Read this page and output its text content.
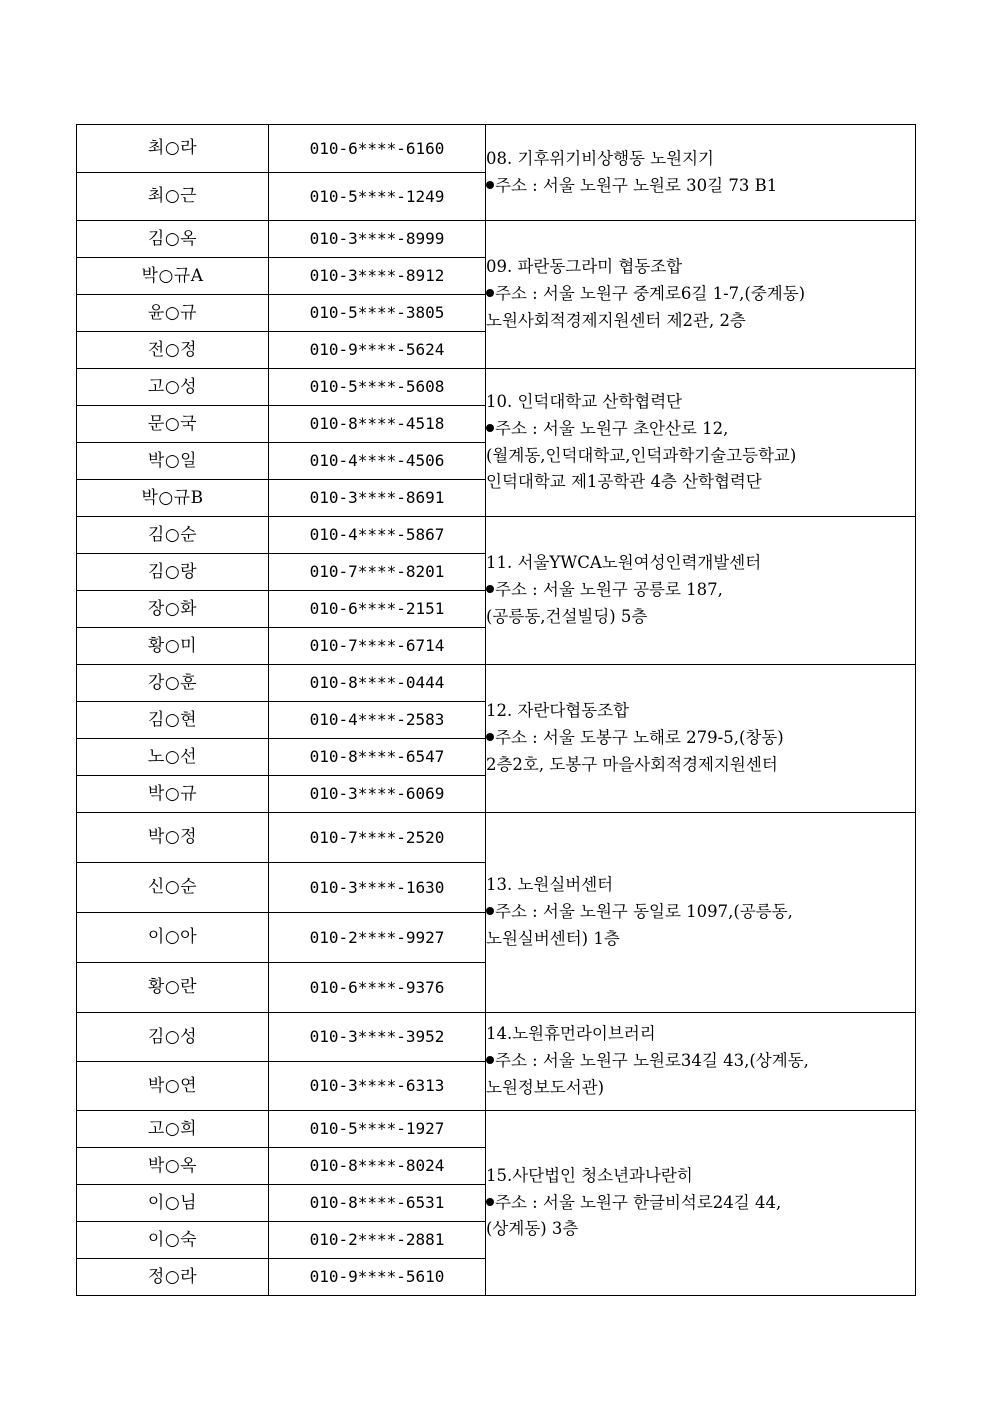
최○라	010-6****-6160	08. 기후위기비상행동 노원지기
주소 : 서울 노원구 노원로 30길 73 B1

최○근	010-5****-1249	
김○옥	010-3****-8999	09. 파란동그라미 협동조합
주소 : 서울 노원구 중계로6길 1-7,(중계동)
노원사회적경제지원센터 제2관, 2층

박○규A	010-3****-8912	
윤○규	010-5****-3805	
전○정	010-9****-5624	
고○성	010-5****-5608	10. 인덕대학교 산학협력단
주소 : 서울 노원구 초안산로 12,
(월계동,인덕대학교,인덕과학기술고등학교)
인덕대학교 제1공학관 4층 산학협력단

문○국	010-8****-4518	
박○일	010-4****-4506	
박○규B	010-3****-8691	
김○순	010-4****-5867	11. 서울YWCA노원여성인력개발센터
주소 : 서울 노원구 공릉로 187,
(공릉동,건설빌딩) 5층

김○랑	010-7****-8201	
장○화	010-6****-2151	
황○미	010-7****-6714	
강○훈	010-8****-0444	12. 자란다협동조합
주소 : 서울 도봉구 노해로 279-5,(창동)
2층2호, 도봉구 마을사회적경제지원센터

김○현	010-4****-2583	
노○선	010-8****-6547	
박○규	010-3****-6069	
박○정	010-7****-2520	13. 노원실버센터
주소 : 서울 노원구 동일로 1097,(공릉동,
노원실버센터) 1층

신○순	010-3****-1630	
이○아	010-2****-9927	
황○란	010-6****-9376	
김○성	010-3****-3952	14.노원휴먼라이브러리
주소 : 서울 노원구 노원로34길 43,(상계동,
노원정보도서관)

박○연	010-3****-6313	
고○희	010-5****-1927	15.사단법인 청소년과나란히
주소 : 서울 노원구 한글비석로24길 44,
(상계동) 3층

박○옥	010-8****-8024	
이○님	010-8****-6531	
이○숙	010-2****-2881	
정○라	010-9****-5610	
